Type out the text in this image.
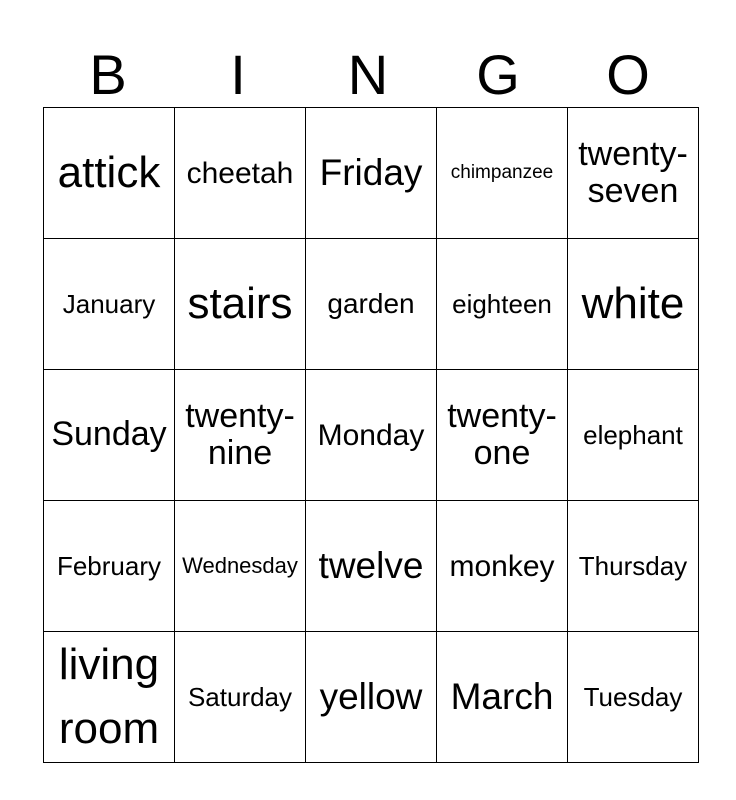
B	I	N	G	O
attick	cheetah	Friday	chimpanzee	twenty-seven

January	stairs	garden	eighteen	white

Sunday	twenty-nine	Monday	twenty-one	elephant

February	Wednesday	twelve	monkey	Thursday

living room	Saturday	yellow	March	Tuesday
